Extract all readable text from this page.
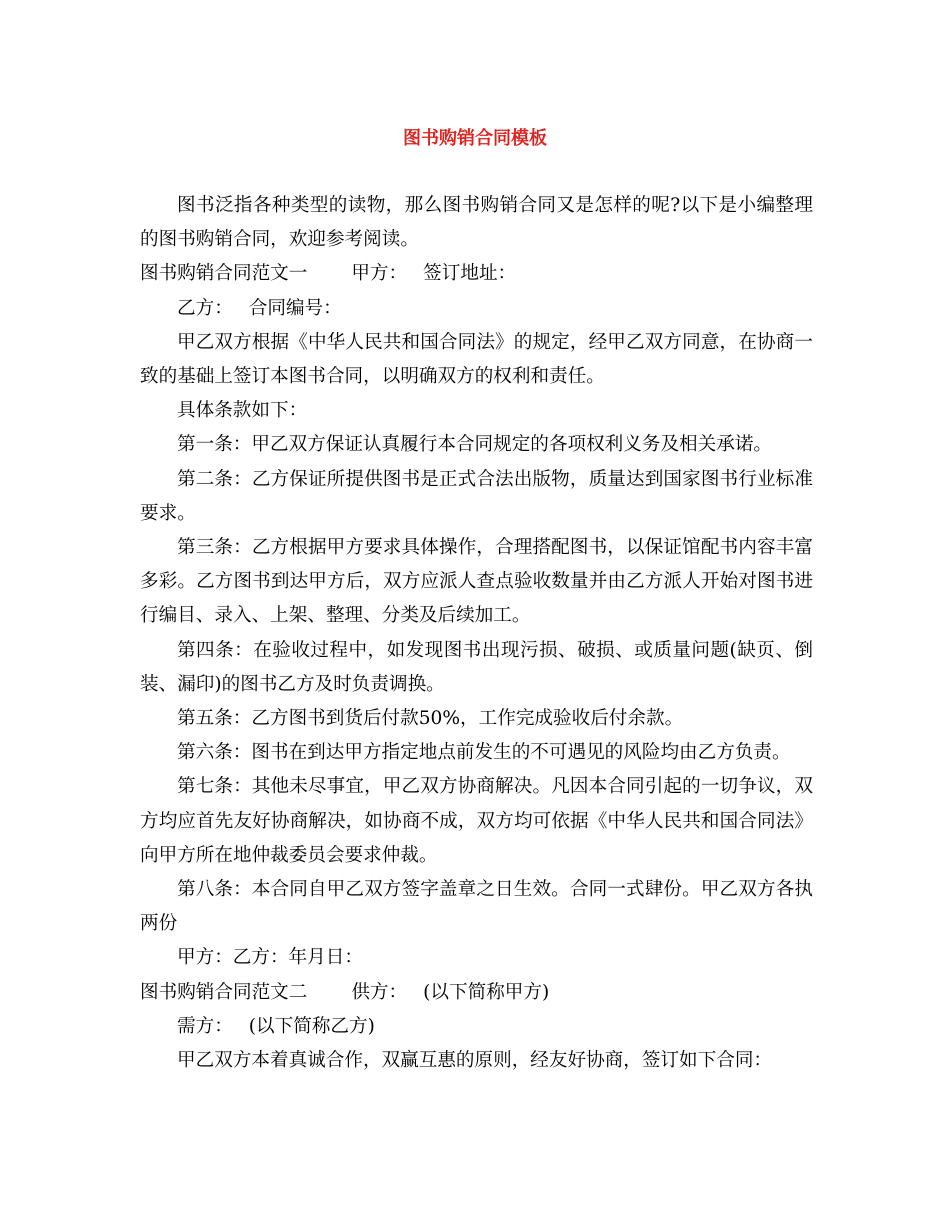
图书购销合同模板

图书泛指各种类型的读物，那么图书购销合同又是怎样的呢?以下是小编整理的图书购销合同，欢迎参考阅读。

图书购销合同范文一 甲方： 签订地址：

乙方： 合同编号：

甲乙双方根据《中华人民共和国合同法》的规定，经甲乙双方同意，在协商一致的基础上签订本图书合同，以明确双方的权利和责任。

具体条款如下：

第一条：甲乙双方保证认真履行本合同规定的各项权利义务及相关承诺。

第二条：乙方保证所提供图书是正式合法出版物，质量达到国家图书行业标准要求。

第三条：乙方根据甲方要求具体操作，合理搭配图书，以保证馆配书内容丰富多彩。乙方图书到达甲方后，双方应派人查点验收数量并由乙方派人开始对图书进行编目、录入、上架、整理、分类及后续加工。

第四条：在验收过程中，如发现图书出现污损、破损、或质量问题(缺页、倒装、漏印)的图书乙方及时负责调换。

第五条：乙方图书到货后付款50%，工作完成验收后付余款。

第六条：图书在到达甲方指定地点前发生的不可遇见的风险均由乙方负责。

第七条：其他未尽事宜，甲乙双方协商解决。凡因本合同引起的一切争议，双方均应首先友好协商解决，如协商不成，双方均可依据《中华人民共和国合同法》向甲方所在地仲裁委员会要求仲裁。

第八条：本合同自甲乙双方签字盖章之日生效。合同一式肆份。甲乙双方各执两份

甲方：乙方：年月日：

图书购销合同范文二 供方： (以下简称甲方)

需方： (以下简称乙方)

甲乙双方本着真诚合作，双赢互惠的原则，经友好协商，签订如下合同：
